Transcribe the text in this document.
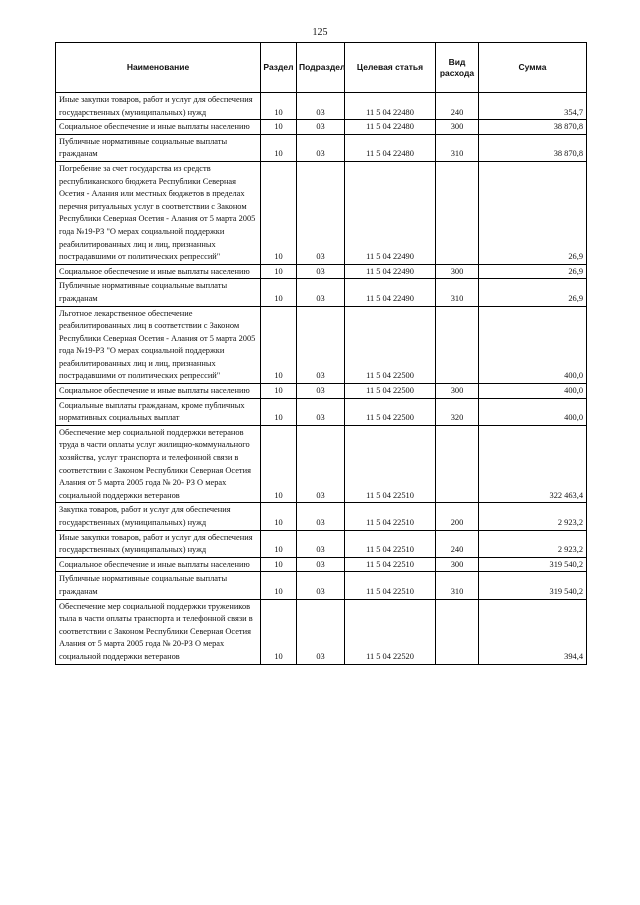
125
Наименование	Раздел	Подраздел	Целевая статья	Вид расхода	Сумма

Иные закупки товаров, работ и услуг для обеспечения государственных (муниципальных) нужд	10	03	11 5 04 22480	240	354,7

Социальное обеспечение и иные выплаты населению	10	03	11 5 04 22480	300	38 870,8

Публичные нормативные социальные выплаты гражданам	10	03	11 5 04 22480	310	38 870,8

Погребение за счет государства из средств республиканского бюджета Республики Северная Осетия - Алания или местных бюджетов в пределах перечня ритуальных услуг в соответствии с Законом Республики Северная Осетия - Алания от 5 марта 2005 года №19-РЗ "О мерах социальной поддержки реабилитированных лиц и лиц, признанных пострадавшими от политических репрессий"	10	03	11 5 04 22490		26,9

Социальное обеспечение и иные выплаты населению	10	03	11 5 04 22490	300	26,9

Публичные нормативные социальные выплаты гражданам	10	03	11 5 04 22490	310	26,9

Льготное лекарственное обеспечение реабилитированных лиц в соответствии с Законом Республики Северная Осетия - Алания от 5 марта 2005 года №19-РЗ "О мерах социальной поддержки реабилитированных лиц и лиц, признанных пострадавшими от политических репрессий"	10	03	11 5 04 22500		400,0

Социальное обеспечение и иные выплаты населению	10	03	11 5 04 22500	300	400,0

Социальные выплаты гражданам, кроме публичных нормативных социальных выплат	10	03	11 5 04 22500	320	400,0

Обеспечение мер социальной поддержки ветеранов труда в части оплаты услуг жилищно-коммунального хозяйства, услуг транспорта и телефонной связи в соответствии с Законом Республики Северная Осетия Алания от 5 марта 2005 года № 20- РЗ О мерах социальной поддержки ветеранов	10	03	11 5 04 22510		322 463,4

Закупка товаров, работ и услуг для обеспечения государственных (муниципальных) нужд	10	03	11 5 04 22510	200	2 923,2

Иные закупки товаров, работ и услуг для обеспечения государственных (муниципальных) нужд	10	03	11 5 04 22510	240	2 923,2

Социальное обеспечение и иные выплаты населению	10	03	11 5 04 22510	300	319 540,2

Публичные нормативные социальные выплаты гражданам	10	03	11 5 04 22510	310	319 540,2

Обеспечение мер социальной поддержки тружеников тыла в части оплаты транспорта и телефонной связи в соответствии с Законом Республики Северная Осетия Алания от 5 марта 2005 года № 20-РЗ О мерах социальной поддержки ветеранов	10	03	11 5 04 22520		394,4
